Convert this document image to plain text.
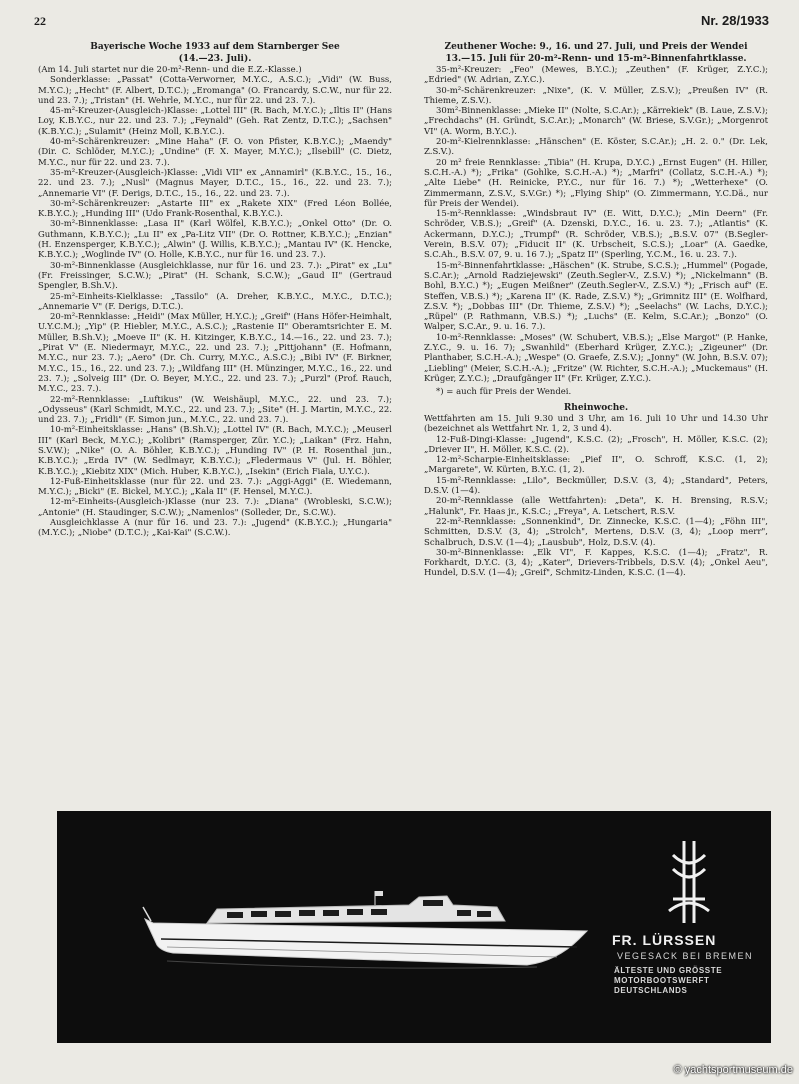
22	Nr. 28/1933

Bayerische Woche 1933 auf dem Starnberger See

(14.—23. Juli).

(Am 14. Juli startet nur die 20-m²-Renn- und die E.Z.-Klasse.)

Sonderklasse: „Passat" (Cotta-Verworner, M.Y.C., A.S.C.); „Vidi" (W. Buss, M.Y.C.); „Hecht" (F. Albert, D.T.C.); „Eromanga" (O. Francardy, S.C.W., nur für 22. und 23. 7.); „Tristan" (H. Wehrle, M.Y.C., nur für 22. und 23. 7.).

45-m²-Kreuzer-(Ausgleich-)Klasse: „Lottel III" (R. Bach, M.Y.C.); „Iltis II" (Hans Loy, K.B.Y.C., nur 22. und 23. 7.); „Feynald" (Geh. Rat Zentz, D.T.C.); „Sachsen" (K.B.Y.C.); „Sulamit" (Heinz Moll, K.B.Y.C.).

40-m²-Schärenkreuzer: „Mine Haha" (F. O. von Pfister, K.B.Y.C.); „Maendy" (Dir. C. Schlöder, M.Y.C.); „Undine" (F. X. Mayer, M.Y.C.); „Ilsebill" (C. Dietz, M.Y.C., nur für 22. und 23. 7.).

35-m²-Kreuzer-(Ausgleich-)Klasse: „Vidi VII" ex „Annamirl" (K.B.Y.C., 15., 16., 22. und 23. 7.); „Nusl" (Magnus Mayer, D.T.C., 15., 16., 22. und 23. 7.); „Annemarie VI" (F. Derigs, D.T.C., 15., 16., 22. und 23. 7.).

30-m²-Schärenkreuzer: „Astarte III" ex „Rakete XIX" (Fred Léon Bollée, K.B.Y.C.); „Hunding III" (Udo Frank-Rosenthal, K.B.Y.C.).

30-m²-Binnenklasse: „Lasa II" (Karl Wölfel, K.B.Y.C.); „Onkel Otto" (Dr. O. Guthmann, K.B.Y.C.); „Lu II" ex „Pa-Litz VII" (Dr. O. Rottner, K.B.Y.C.); „Enzian" (H. Enzensperger, K.B.Y.C.); „Alwin" (J. Willis, K.B.Y.C.); „Mantau IV" (K. Hencke, K.B.Y.C.); „Woglinde IV" (O. Holle, K.B.Y.C., nur für 16. und 23. 7.).

30-m²-Binnenklasse (Ausgleichklasse, nur für 16. und 23. 7.): „Pirat" ex „Lu" (Fr. Freissinger, S.C.W.); „Pirat" (H. Schank, S.C.W.); „Gaud II" (Gertraud Spengler, B.Sh.V.).

25-m²-Einheits-Kielklasse: „Tassilo" (A. Dreher, K.B.Y.C., M.Y.C., D.T.C.); „Annemarie V" (F. Derigs, D.T.C.).

20-m²-Rennklasse: „Heidi" (Max Müller, H.Y.C.); „Greif" (Hans Höfer-Heimhalt, U.Y.C.M.); „Yip" (P. Hiebler, M.Y.C., A.S.C.); „Rastenie II" Oberamtsrichter E. M. Müller, B.Sh.V.); „Moeve II" (K. H. Kitzinger, K.B.Y.C., 14.—16., 22. und 23. 7.); „Pirat V" (E. Niedermayr, M.Y.C., 22. und 23. 7.); „Pittjohann" (E. Hofmann, M.Y.C., nur 23. 7.); „Aero" (Dr. Ch. Curry, M.Y.C., A.S.C.); „Bibi IV" (F. Birkner, M.Y.C., 15., 16., 22. und 23. 7.); „Wildfang III" (H. Münzinger, M.Y.C., 16., 22. und 23. 7.); „Solveig III" (Dr. O. Beyer, M.Y.C., 22. und 23. 7.); „Purzl" (Prof. Rauch, M.Y.C., 23. 7.).

22-m²-Rennklasse: „Luftikus" (W. Weishäupl, M.Y.C., 22. und 23. 7.); „Odysseus" (Karl Schmidt, M.Y.C., 22. und 23. 7.); „Site" (H. J. Martin, M.Y.C., 22. und 23. 7.); „Fridli" (F. Simon jun., M.Y.C., 22. und 23. 7.).

10-m²-Einheitsklasse: „Hans" (B.Sh.V.); „Lottel IV" (R. Bach, M.Y.C.); „Meuserl III" (Karl Beck, M.Y.C.); „Kolibri" (Ramsperger, Zür. Y.C.); „Laikan" (Frz. Hahn, S.V.W.); „Nike" (O. A. Böhler, K.B.Y.C.); „Hunding IV" (P. H. Rosenthal jun., K.B.Y.C.); „Erda IV" (W. Sedlmayr, K.B.Y.C.); „Fledermaus V" (Jul. H. Böhler, K.B.Y.C.); „Kiebitz XIX" (Mich. Huber, K.B.Y.C.), „Isekin" (Erich Fiala, U.Y.C.).

12-Fuß-Einheitsklasse (nur für 22. und 23. 7.): „Aggi-Aggi" (E. Wiedemann, M.Y.C.); „Bicki" (E. Bickel, M.Y.C.); „Kala II" (F. Hensel, M.Y.C.).

12-m²-Einheits-(Ausgleich-)Klasse (nur 23. 7.): „Diana" (Wrobleski, S.C.W.); „Antonie" (H. Staudinger, S.C.W.); „Namenlos" (Solleder, Dr., S.C.W.).

Ausgleichklasse A (nur für 16. und 23. 7.): „Jugend" (K.B.Y.C.); „Hungaria" (M.Y.C.); „Niobe" (D.T.C.); „Kai-Kai" (S.C.W.).

Zeuthener Woche: 9., 16. und 27. Juli, und Preis der Wendei

13.—15. Juli für 20-m²-Renn- und 15-m²-Binnenfahrtklasse.

35-m²-Kreuzer: „Feo" (Mewes, B.Y.C.); „Zeuthen" (F. Krüger, Z.Y.C.); „Edried" (W. Adrian, Z.Y.C.).

30-m²-Schärenkreuzer: „Nixe", (K. V. Müller, Z.S.V.); „Preußen IV" (R. Thieme, Z.S.V.).

30m²-Binnenklasse: „Mieke II" (Nolte, S.C.Ar.); „Kärrekiek" (B. Laue, Z.S.V.); „Frechdachs" (H. Gründt, S.C.Ar.); „Monarch" (W. Briese, S.V.Gr.); „Morgenrot VI" (A. Worm, B.Y.C.).

20-m²-Kielrennklasse: „Hänschen" (E. Köster, S.C.Ar.); „H. 2. 0." (Dr. Lek, Z.S.V.).

20 m² freie Rennklasse: „Tibia" (H. Krupa, D.Y.C.) „Ernst Eugen" (H. Hiller, S.C.H.-A.) *); „Frika" (Gohlke, S.C.H.-A.) *); „Marfri" (Collatz, S.C.H.-A.) *); „Alte Liebe" (H. Reinicke, P.Y.C., nur für 16. 7.) *); „Wetterhexe" (O. Zimmermann, Z.S.V., S.V.Gr.) *); „Flying Ship" (O. Zimmermann, Y.C.Dä., nur für Preis der Wendei).

15-m²-Rennklasse: „Windsbraut IV" (E. Witt, D.Y.C.); „Min Deern" (Fr. Schröder, V.B.S.); „Greif" (A. Dzenski, D.Y.C., 16. u. 23. 7.); „Atlantis" (K. Ackermann, D.Y.C.); „Trumpf" (R. Schröder, V.B.S.); „B.S.V. 07" (B.Segler-Verein, B.S.V. 07); „Fiducit II" (K. Urbscheit, S.C.S.); „Loar" (A. Gaedke, S.C.Ah., B.S.V. 07, 9. u. 16 7.); „Spatz II" (Sperling, Y.C.M., 16. u. 23. 7.).

15-m²-Binnenfahrtklasse: „Häschen" (K. Strube, S.C.S.); „Hummel" (Pogade, S.C.Ar.); „Arnold Radziejewski" (Zeuth.Segler-V., Z.S.V.) *); „Nickelmann" (B. Bohl, B.Y.C.) *); „Eugen Meißner" (Zeuth.Segler-V., Z.S.V.) *); „Frisch auf" (E. Steffen, V.B.S.) *); „Karena II" (K. Rade, Z.S.V.) *); „Grimnitz III" (E. Wolfhard, Z.S.V. *); „Dobbas III" (Dr. Thieme, Z.S.V.) *); „Seelachs" (W. Lachs, D.Y.C.); „Rüpel" (P. Rathmann, V.B.S.) *); „Luchs" (E. Kelm, S.C.Ar.); „Bonzo" (O. Walper, S.C.Ar., 9. u. 16. 7.).

10-m²-Rennklasse: „Moses" (W. Schubert, V.B.S.); „Else Margot" (P. Hanke, Z.Y.C., 9. u. 16. 7); „Swanhild" (Eberhard Krüger, Z.Y.C.); „Zigeuner" (Dr. Planthaber, S.C.H.-A.); „Wespe" (O. Graefe, Z.S.V.); „Jonny" (W. John, B.S.V. 07); „Liebling" (Meier, S.C.H.-A.); „Fritze" (W. Richter, S.C.H.-A.); „Muckemaus" (H. Krüger, Z.Y.C.); „Draufgänger II" (Fr. Krüger, Z.Y.C.).

*) = auch für Preis der Wendei.

Rheinwoche.

Wettfahrten am 15. Juli 9.30 und 3 Uhr, am 16. Juli 10 Uhr und 14.30 Uhr (bezeichnet als Wettfahrt Nr. 1, 2, 3 und 4).

12-Fuß-Dingi-Klasse: „Jugend", K.S.C. (2); „Frosch", H. Möller, K.S.C. (2); „Driever II", H. Möller, K.S.C. (2).

12-m²-Scharpie-Einheitsklasse: „Pief II", O. Schroff, K.S.C. (1, 2); „Margarete", W. Kürten, B.Y.C. (1, 2).

15-m²-Rennklasse: „Lilo", Beckmüller, D.S.V. (3, 4); „Standard", Peters, D.S.V. (1—4).

20-m²-Rennklasse (alle Wettfahrten): „Deta", K. H. Brensing, R.S.V.; „Halunk", Fr. Haas jr., K.S.C.; „Freya", A. Letschert, R.S.V.

22-m²-Rennklasse: „Sonnenkind", Dr. Zinnecke, K.S.C. (1—4); „Föhn III", Schmitten, D.S.V. (3, 4); „Strolch", Mertens, D.S.V. (3, 4); „Loop merr", Schalbruch, D.S.V. (1—4); „Lausbub", Holz, D.S.V. (4).

30-m²-Binnenklasse: „Elk VI", F. Kappes, K.S.C. (1—4); „Fratz", R. Forkhardt, D.Y.C. (3, 4); „Kater", Drievers-Tribbels, D.S.V. (4); „Onkel Aeu", Hundel, D.S.V. (1—4); „Greif", Schmitz-Linden, K.S.C. (1—4).

FR. LÜRSSEN
VEGESACK BEI BREMEN
ÄLTESTE UND GRÖSSTE
MOTORBOOTSWERFT
DEUTSCHLANDS
© yachtsportmuseum.de
